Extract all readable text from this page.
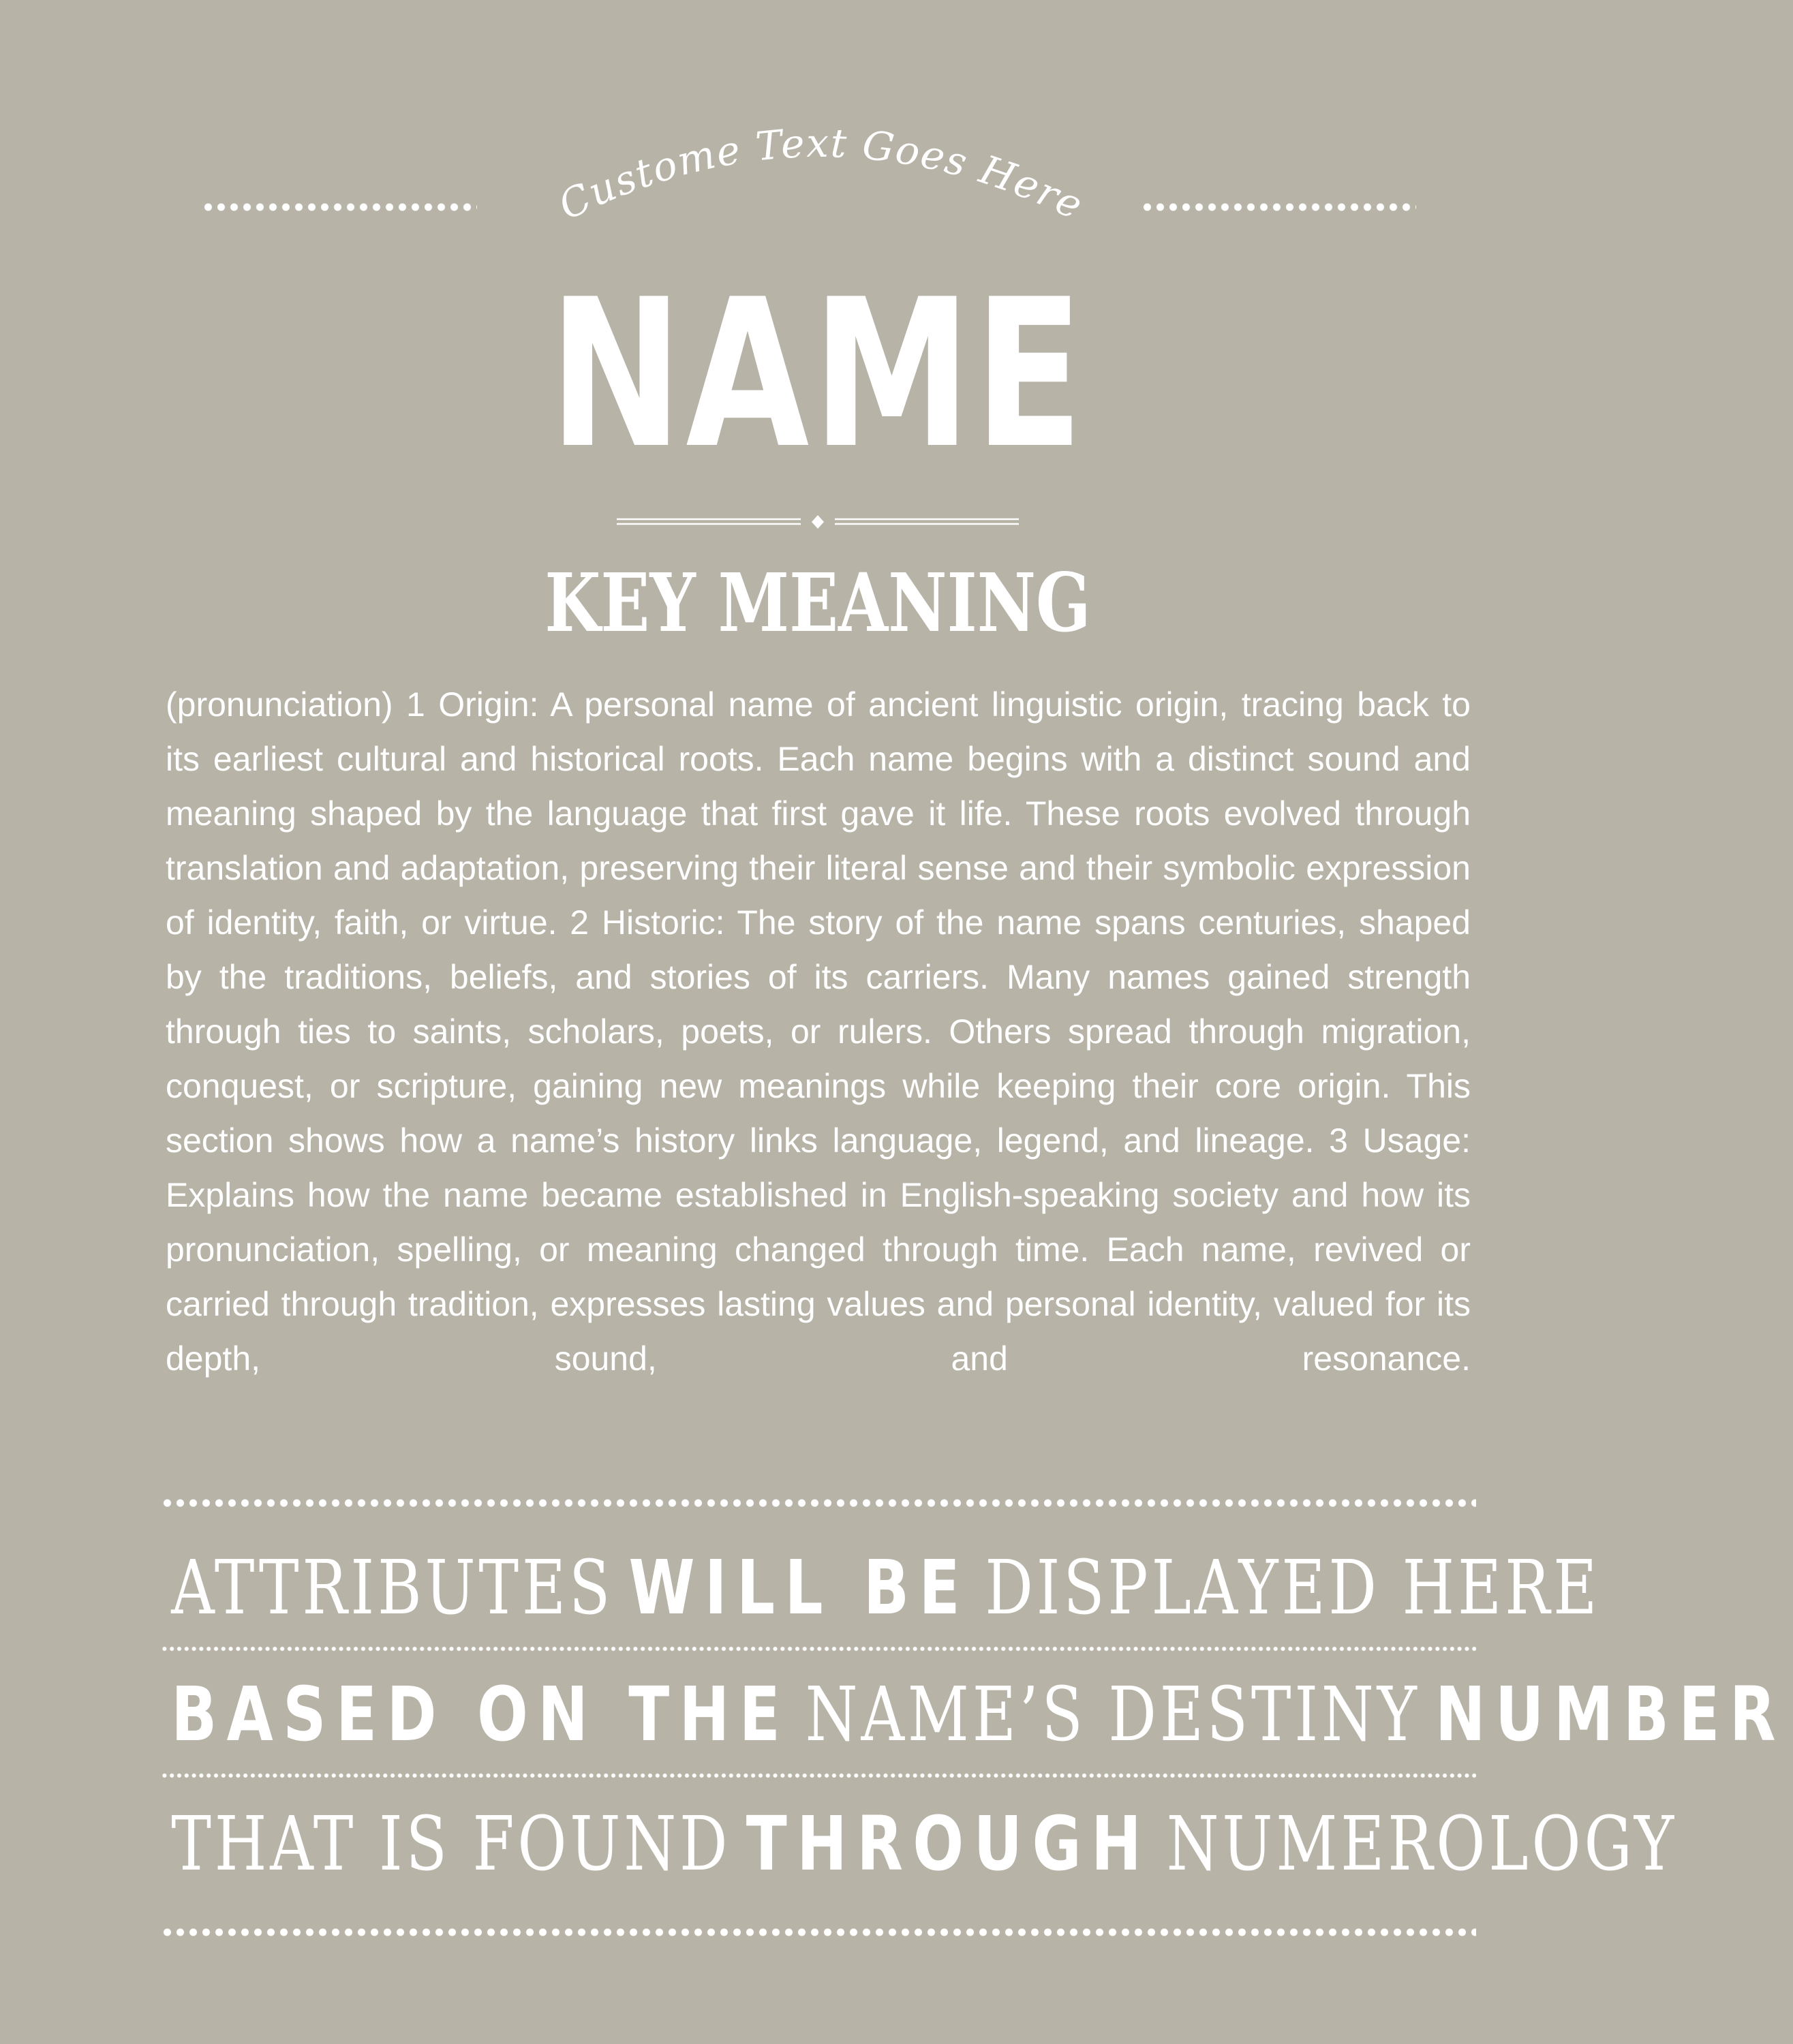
Custome Text Goes Here
NAME
KEY MEANING

(pronunciation) 1 Origin: A personal name of ancient linguistic origin, tracing back to its earliest cultural and historical roots. Each name begins with a distinct sound and meaning shaped by the language that first gave it life. These roots evolved through translation and adaptation, preserving their literal sense and their symbolic expression of identity, faith, or virtue. 2 Historic: The story of the name spans centuries, shaped by the traditions, beliefs, and stories of its carriers. Many names gained strength through ties to saints, scholars, poets, or rulers. Others spread through migration, conquest, or scripture, gaining new meanings while keeping their core origin. This section shows how a name’s history links language, legend, and lineage. 3 Usage: Explains how the name became established in English-speaking society and how its pronunciation, spelling, or meaning changed through time. Each name, revived or carried through tradition, expresses lasting values and personal identity, valued for its depth, sound, and resonance.

ATTRIBUTES WILL BE DISPLAYED HERE
BASED ON THE NAME’S DESTINY NUMBER
THAT IS FOUND THROUGH NUMEROLOGY
